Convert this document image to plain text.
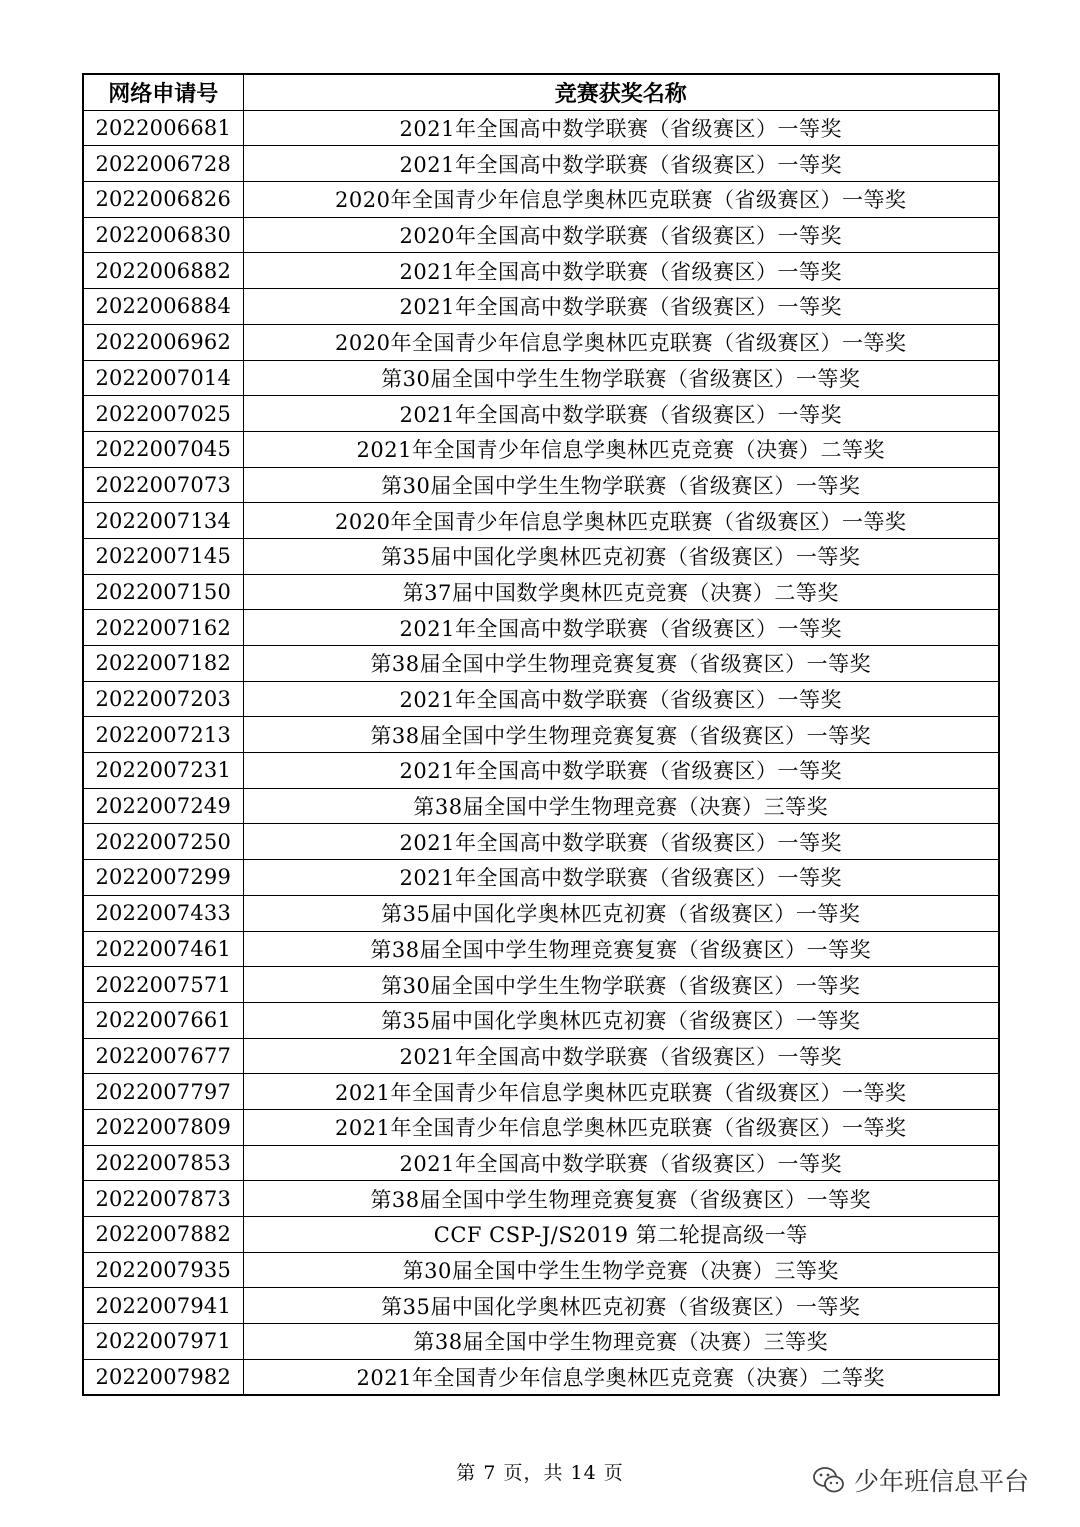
网络申请号	竞赛获奖名称
2022006681	2021年全国高中数学联赛（省级赛区）一等奖
2022006728	2021年全国高中数学联赛（省级赛区）一等奖
2022006826	2020年全国青少年信息学奥林匹克联赛（省级赛区）一等奖
2022006830	2020年全国高中数学联赛（省级赛区）一等奖
2022006882	2021年全国高中数学联赛（省级赛区）一等奖
2022006884	2021年全国高中数学联赛（省级赛区）一等奖
2022006962	2020年全国青少年信息学奥林匹克联赛（省级赛区）一等奖
2022007014	第30届全国中学生生物学联赛（省级赛区）一等奖
2022007025	2021年全国高中数学联赛（省级赛区）一等奖
2022007045	2021年全国青少年信息学奥林匹克竞赛（决赛）二等奖
2022007073	第30届全国中学生生物学联赛（省级赛区）一等奖
2022007134	2020年全国青少年信息学奥林匹克联赛（省级赛区）一等奖
2022007145	第35届中国化学奥林匹克初赛（省级赛区）一等奖
2022007150	第37届中国数学奥林匹克竞赛（决赛）二等奖
2022007162	2021年全国高中数学联赛（省级赛区）一等奖
2022007182	第38届全国中学生物理竞赛复赛（省级赛区）一等奖
2022007203	2021年全国高中数学联赛（省级赛区）一等奖
2022007213	第38届全国中学生物理竞赛复赛（省级赛区）一等奖
2022007231	2021年全国高中数学联赛（省级赛区）一等奖
2022007249	第38届全国中学生物理竞赛（决赛）三等奖
2022007250	2021年全国高中数学联赛（省级赛区）一等奖
2022007299	2021年全国高中数学联赛（省级赛区）一等奖
2022007433	第35届中国化学奥林匹克初赛（省级赛区）一等奖
2022007461	第38届全国中学生物理竞赛复赛（省级赛区）一等奖
2022007571	第30届全国中学生生物学联赛（省级赛区）一等奖
2022007661	第35届中国化学奥林匹克初赛（省级赛区）一等奖
2022007677	2021年全国高中数学联赛（省级赛区）一等奖
2022007797	2021年全国青少年信息学奥林匹克联赛（省级赛区）一等奖
2022007809	2021年全国青少年信息学奥林匹克联赛（省级赛区）一等奖
2022007853	2021年全国高中数学联赛（省级赛区）一等奖
2022007873	第38届全国中学生物理竞赛复赛（省级赛区）一等奖
2022007882	CCF CSP-J/S2019 第二轮提高级一等
2022007935	第30届全国中学生生物学竞赛（决赛）三等奖
2022007941	第35届中国化学奥林匹克初赛（省级赛区）一等奖
2022007971	第38届全国中学生物理竞赛（决赛）三等奖
2022007982	2021年全国青少年信息学奥林匹克竞赛（决赛）二等奖
第 7 页，共 14 页	少年班信息平台
